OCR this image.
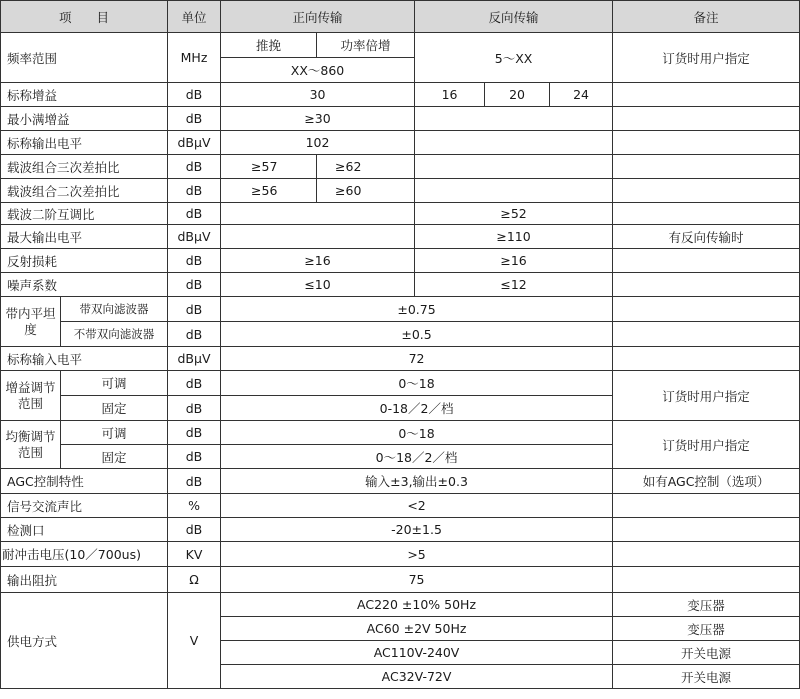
项　　目		单位	正向传输		反向传输			备注
频率范围		MHz	推挽	功率倍增	5～XX			订货时用户指定
			XX～860					
标称增益		dB	30		16	20	24	
最小满增益		dB	≥30					
标称输出电平		dBμV	102					
载波组合三次差拍比		dB	≥57	≥62				
载波组合二次差拍比		dB	≥56	≥60				
载波二阶互调比		dB			≥52			
最大输出电平		dBμV			≥110			有反向传输时
反射损耗		dB	≥16		≥16			
噪声系数		dB	≤10		≤12			
带内平坦度	带双向滤波器	dB	±0.75					
	不带双向滤波器	dB	±0.5					
标称输入电平		dBμV	72					
增益调节范围	可调	dB	0～18					订货时用户指定
	固定	dB	0-18／2／档					
均衡调节范围	可调	dB	0～18					订货时用户指定
	固定	dB	0～18／2／档					
AGC控制特性		dB	输入±3,输出±0.3					如有AGC控制（选项）
信号交流声比		%	<2					
检测口		dB	-20±1.5					
耐冲击电压(10／700us)		KV	>5					
输出阻抗		Ω	75					
供电方式		V	AC220 ±10% 50Hz					变压器
			AC60 ±2V 50Hz					变压器
			AC110V-240V					开关电源
			AC32V-72V					开关电源
